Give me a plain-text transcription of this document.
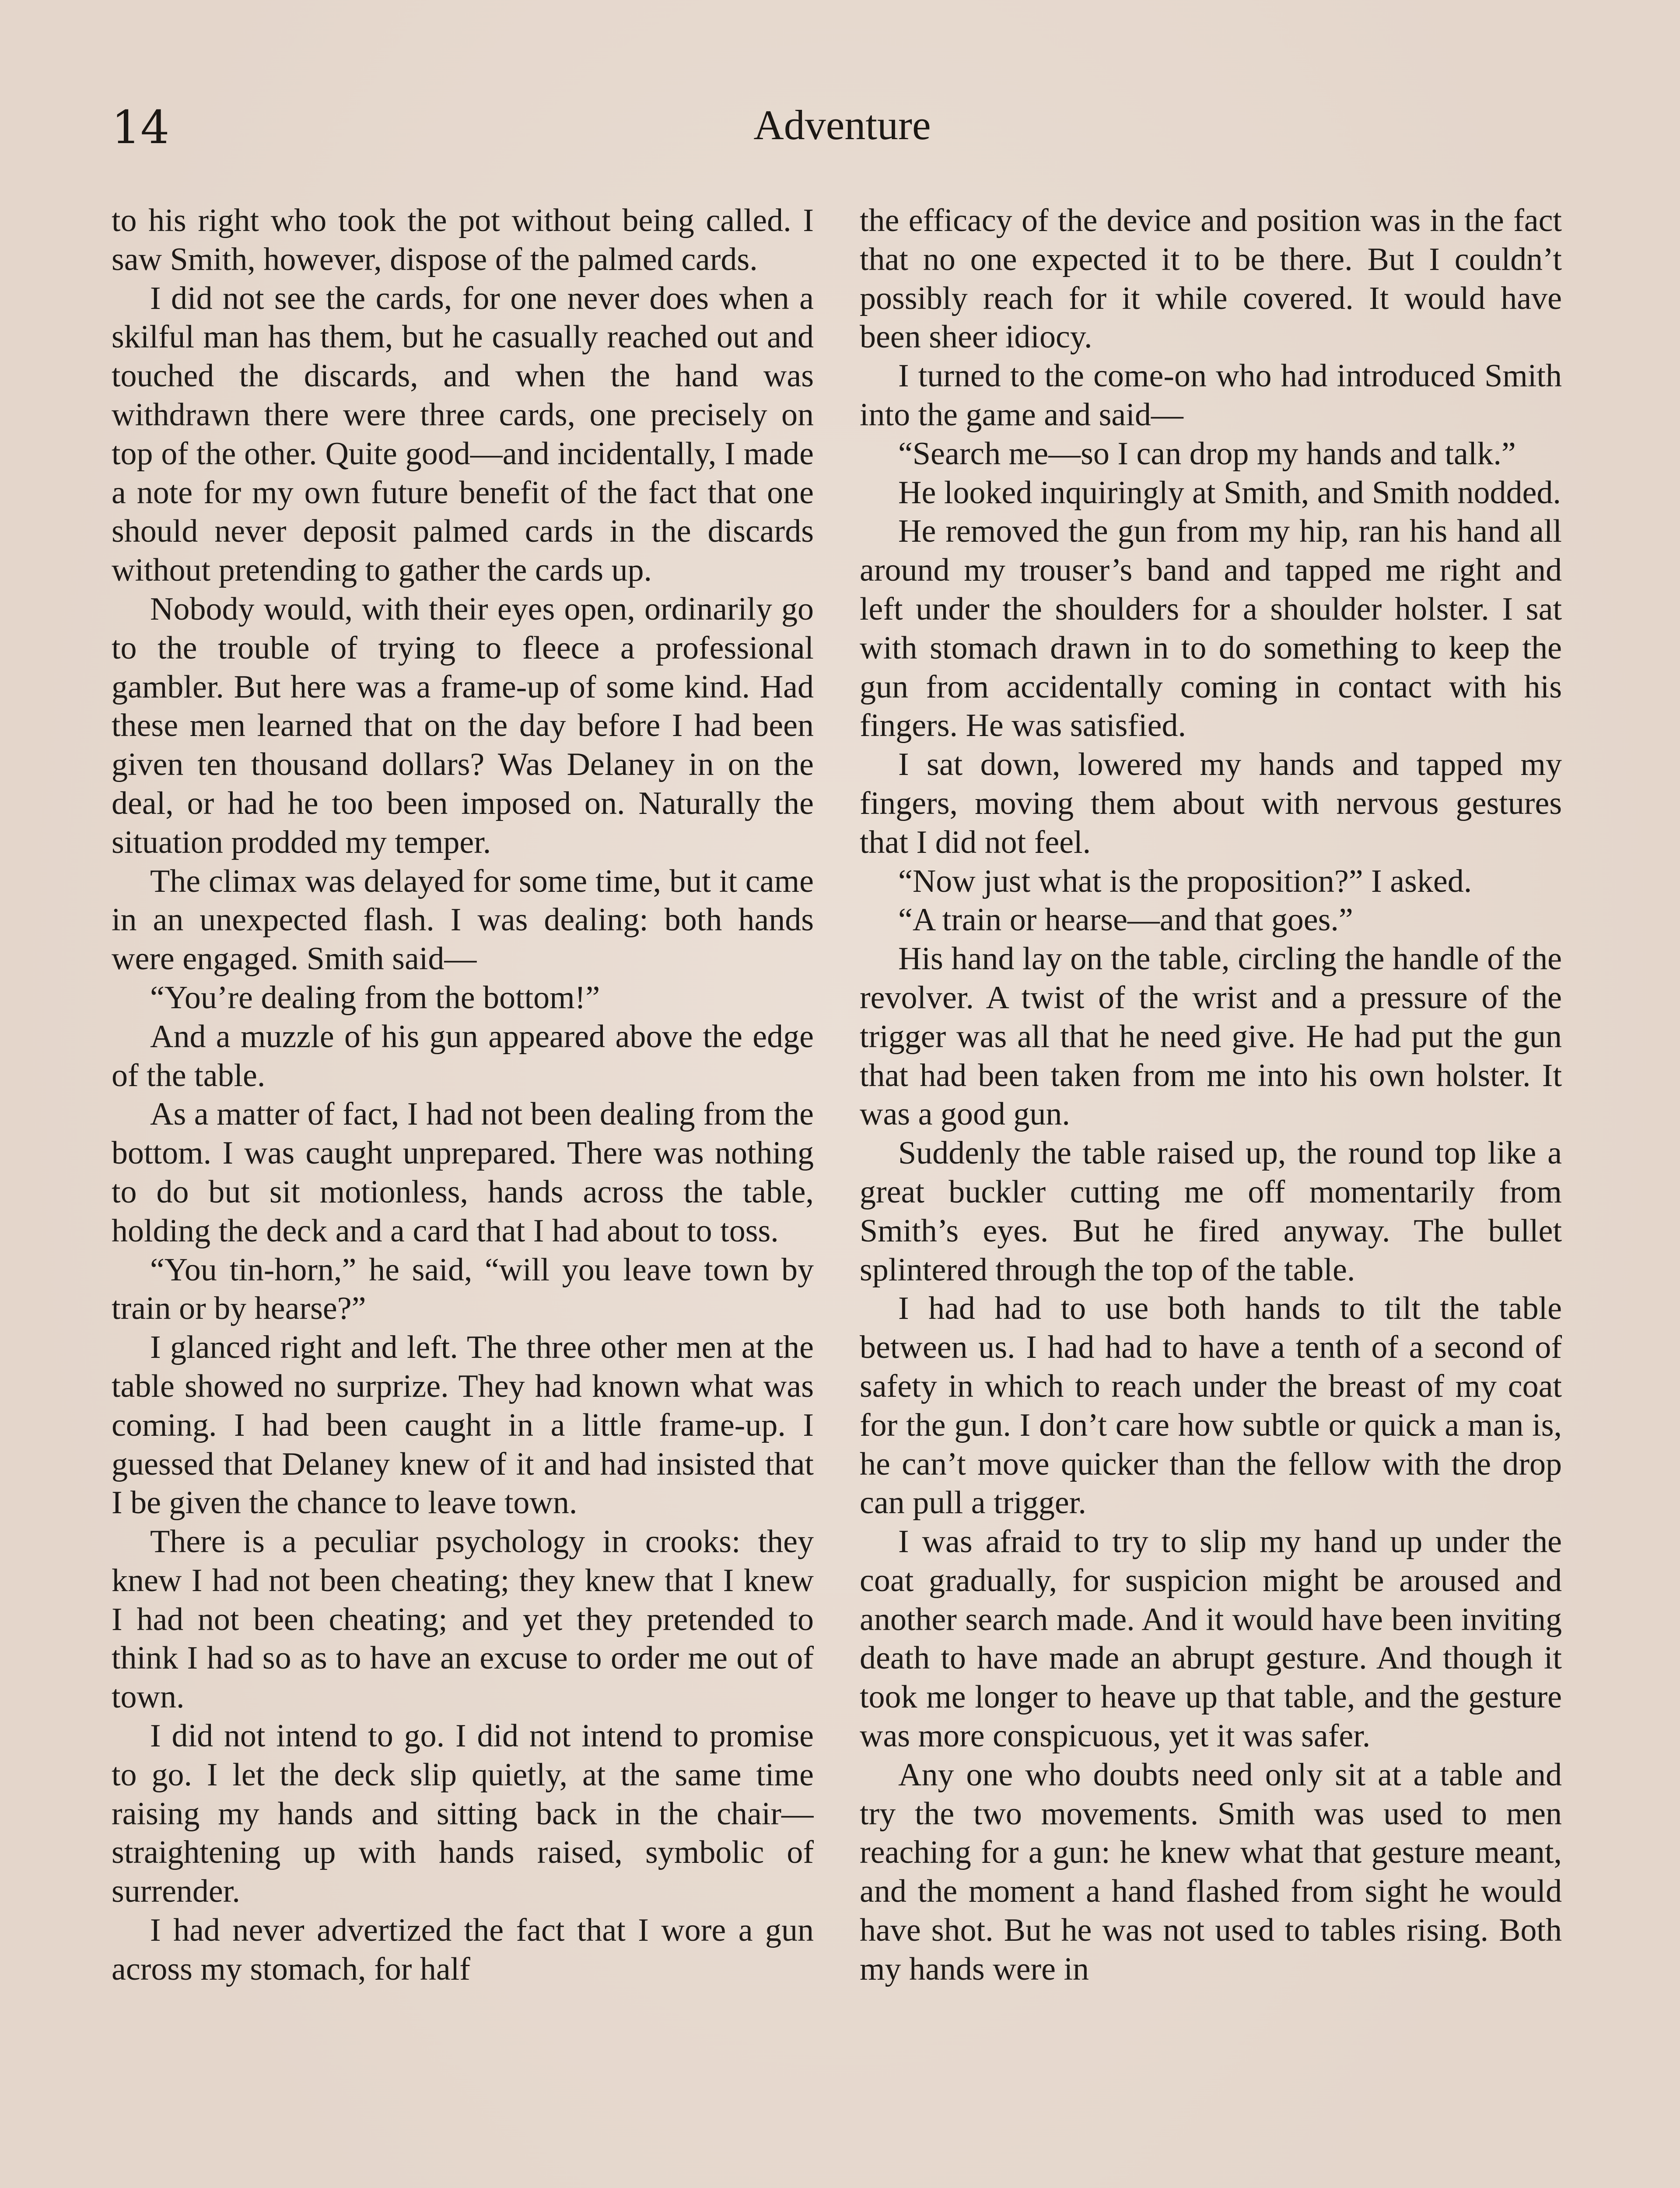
14	Adventure

to his right who took the pot without being called. I saw Smith, however, dispose of the palmed cards.

I did not see the cards, for one never does when a skilful man has them, but he casually reached out and touched the discards, and when the hand was withdrawn there were three cards, one precisely on top of the other. Quite good—and incidentally, I made a note for my own future benefit of the fact that one should never deposit palmed cards in the discards without pretending to gather the cards up.

Nobody would, with their eyes open, ordinarily go to the trouble of trying to fleece a professional gambler. But here was a frame-up of some kind. Had these men learned that on the day before I had been given ten thousand dollars? Was Delaney in on the deal, or had he too been imposed on. Naturally the situation prodded my temper.

The climax was delayed for some time, but it came in an unexpected flash. I was dealing: both hands were engaged. Smith said—

“You’re dealing from the bottom!”

And a muzzle of his gun appeared above the edge of the table.

As a matter of fact, I had not been dealing from the bottom. I was caught unprepared. There was nothing to do but sit motionless, hands across the table, holding the deck and a card that I had about to toss.

“You tin-horn,” he said, “will you leave town by train or by hearse?”

I glanced right and left. The three other men at the table showed no surprize. They had known what was coming. I had been caught in a little frame-up. I guessed that Delaney knew of it and had insisted that I be given the chance to leave town.

There is a peculiar psychology in crooks: they knew I had not been cheating; they knew that I knew I had not been cheating; and yet they pretended to think I had so as to have an excuse to order me out of town.

I did not intend to go. I did not intend to promise to go. I let the deck slip quietly, at the same time raising my hands and sitting back in the chair—straightening up with hands raised, symbolic of surrender.

I had never advertized the fact that I wore a gun across my stomach, for half

the efficacy of the device and position was in the fact that no one expected it to be there. But I couldn’t possibly reach for it while covered. It would have been sheer idiocy.

I turned to the come-on who had introduced Smith into the game and said—

“Search me—so I can drop my hands and talk.”

He looked inquiringly at Smith, and Smith nodded.

He removed the gun from my hip, ran his hand all around my trouser’s band and tapped me right and left under the shoulders for a shoulder holster. I sat with stomach drawn in to do something to keep the gun from accidentally coming in contact with his fingers. He was satisfied.

I sat down, lowered my hands and tapped my fingers, moving them about with nervous gestures that I did not feel.

“Now just what is the proposition?” I asked.

“A train or hearse—and that goes.”

His hand lay on the table, circling the handle of the revolver. A twist of the wrist and a pressure of the trigger was all that he need give. He had put the gun that had been taken from me into his own holster. It was a good gun.

Suddenly the table raised up, the round top like a great buckler cutting me off momentarily from Smith’s eyes. But he fired anyway. The bullet splintered through the top of the table.

I had had to use both hands to tilt the table between us. I had had to have a tenth of a second of safety in which to reach under the breast of my coat for the gun. I don’t care how subtle or quick a man is, he can’t move quicker than the fellow with the drop can pull a trigger.

I was afraid to try to slip my hand up under the coat gradually, for suspicion might be aroused and another search made. And it would have been inviting death to have made an abrupt gesture. And though it took me longer to heave up that table, and the gesture was more conspicuous, yet it was safer.

Any one who doubts need only sit at a table and try the two movements. Smith was used to men reaching for a gun: he knew what that gesture meant, and the moment a hand flashed from sight he would have shot. But he was not used to tables rising. Both my hands were in
